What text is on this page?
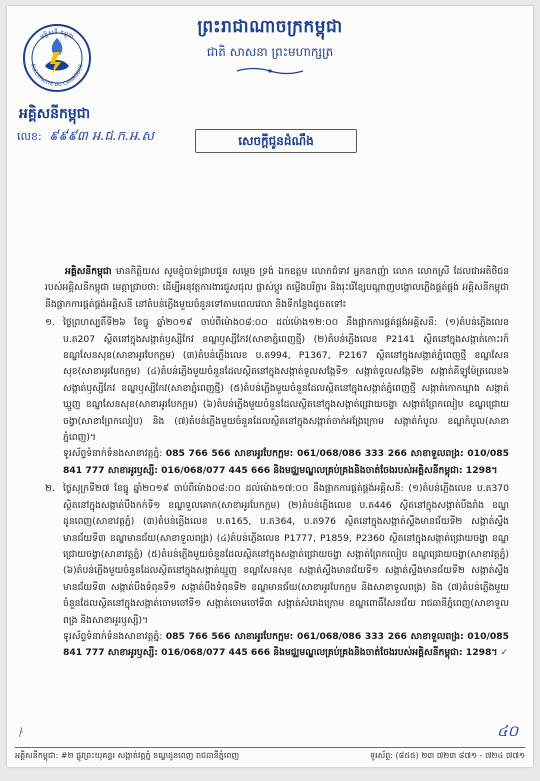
ព្រះរាជាណាចក្រកម្ពុជា
ជាតិ សាសនា ព្រះមហាក្សត្រ
អគ្គិសនី កម្ពុជា
ELECTRICITE DU CAMBODGE
អគ្គិសនីកម្ពុជា
លេខ: ៩៩៩៣ អ.ជ.ក.អ.ស	សេចក្ដីជូនដំណឹង

អគ្គិសនីកម្ពុជា មានកិត្តិយស សូមខ្ញុំបាទ់ជ្រាបជូន សម្ដេច ទ្រង់ ឯកឧត្ដម លោកជំទាវ អ្នកឧកញ៉ា លោក លោកស្រី ដែលជាអតិថិជនរបស់អគ្គិសនីកម្ពុជា មេត្តាជ្រាបថា: ដើម្បីអនុវត្តការងារជួសជុល ផ្លាស់ប្ដូរ តម្លើងបរិក្ខារ និងរុះរើខ្សែបណ្ដាញបង្គោលភ្លើងផ្គត់ផ្គង់ អគ្គិសនីកម្ពុជានឹងផ្អាកការផ្គត់ផ្គង់អគ្គិសនី នៅតំបន់ភ្លើងមួយចំនួនទៅតាមពេលវេលា និងទីកន្លែងដូចតទៅ៖

១. ថ្ងៃព្រហស្បតិ៍ទី២៦ ខែធ្នូ ឆ្នាំ២០១៩ ចាប់ពីម៉ោង០៨:០០ ដល់ម៉ោង១២:០០ នឹងផ្អាកការផ្គត់ផ្គង់អគ្គិសនី: (១)តំបន់ភ្លើងលេខ ប.ត207 ស្ថិតនៅក្នុងសង្កាត់ឫស្សីកែវ ខណ្ឌឫស្សីកែវ(សាខាភ្នំពេញថ្មី) (២)តំបន់ភ្លើងលេខ P2141 ស្ថិតនៅក្នុងសង្កាត់កោះរក៍ ខណ្ឌសែនសុខ(សាខាអូរបែកក្អម) (៣)តំបន់ភ្លើងលេខ ប.ត994, P1367, P2167 ស្ថិតនៅក្នុងសង្កាត់ភ្នំពេញថ្មី ខណ្ឌសែនសុខ(សាខាអូរបែកក្អម) (៤)តំបន់ភ្លើងមួយចំនួនដែលស្ថិតនៅក្នុងសង្កាត់ទួលសង្កែទី១ សង្កាត់ទួលសង្កែទី២ សង្កាត់គីឡូម៉ែត្រលេខ៦ សង្កាត់ឫស្សីកែវ ខណ្ឌឫស្សីកែវ(សាខាភ្នំពេញថ្មី) (៥)តំបន់ភ្លើងមួយចំនួនដែលស្ថិតនៅក្នុងសង្កាត់ភ្នំពេញថ្មី សង្កាត់កោកឃ្លាង សង្កាត់ឃ្មួញ ខណ្ឌសែនសុខ(សាខាអូរបែកក្អម) (៦)តំបន់ភ្លើងមួយចំនួនដែលស្ថិតនៅក្នុងសង្កាត់ជ្រោយចង្វា សង្កាត់ព្រែកលៀប ខណ្ឌជ្រោយចង្វា(សាខាព្រែកលៀប) និង (៧)តំបន់ភ្លើងមួយចំនួនដែលស្ថិតនៅក្នុងសង្កាត់ចាក់អង្រែក្រោម សង្កាត់កំបូល ខណ្ឌកំបូល(សាខាភ្នំពេញ)។

ទូរស័ព្ទទំនាក់ទំនងសាខាវត្តភ្នំ: 085 766 566 សាខាអូរបែកក្អម: 061/068/086 333 266 សាខាទួលពង្រ: 010/085 841 777 សាខាអូរឫស្សី: 016/068/077 445 666 និងមជ្ឈមណ្ឌលគ្រប់គ្រងនិងចាត់ចែងរបស់អគ្គិសនីកម្ពុជា: 1298។

២. ថ្ងៃសុក្រទី២៧ ខែធ្នូ ឆ្នាំ២០១៩ ចាប់ពីម៉ោង០៨:០០ ដល់ម៉ោង១៧:០០ នឹងផ្អាកការផ្គត់ផ្គង់អគ្គិសនី: (១)តំបន់ភ្លើងលេខ ប.ត370 ស្ថិតនៅក្នុងសង្កាត់បឹងកក់ទី១ ខណ្ឌទួលគោក(សាខាអូរបែកក្អម) (២)តំបន់ភ្លើងលេខ ប.ត446 ស្ថិតនៅក្នុងសង្កាត់បឹងរាំង ខណ្ឌដូនពេញ(សាខាវត្តភ្នំ) (៣)តំបន់ភ្លើងលេខ ប.ត165, ប.ត364, ប.ត976 ស្ថិតនៅក្នុងសង្កាត់ស្ទឹងមានជ័យទី២ សង្កាត់ស្ទឹងមានជ័យទី៣ ខណ្ឌមានជ័យ(សាខាទួលពង្រ) (៤)តំបន់ភ្លើងលេខ P1777, P1859, P2360 ស្ថិតនៅក្នុងសង្កាត់ជ្រោយចង្វា ខណ្ឌជ្រោយចង្វា(សាខាវត្តភ្នំ) (៥)តំបន់ភ្លើងមួយចំនួនដែលស្ថិតនៅក្នុងសង្កាត់ជ្រោយចង្វា សង្កាត់ព្រែកលៀប ខណ្ឌជ្រោយចង្វា(សាខាវត្តភ្នំ) (៦)តំបន់ភ្លើងមួយចំនួនដែលស្ថិតនៅក្នុងសង្កាត់ឃ្មួញ ខណ្ឌសែនសុខ សង្កាត់ស្ទឹងមានជ័យទី១ សង្កាត់ស្ទឹងមានជ័យទី២ សង្កាត់ស្ទឹងមានជ័យទី៣ សង្កាត់បឹងទំពុនទី១ សង្កាត់បឹងទំពុនទី២ ខណ្ឌមានជ័យ(សាខាអូរបែកក្អម និងសាខាទួលពង្រ) និង (៧)តំបន់ភ្លើងមួយចំនួនដែលស្ថិតនៅក្នុងសង្កាត់ចោមចៅទី១ សង្កាត់ចោមចៅទី៣ សង្កាត់សំរោងក្រោម ខណ្ឌពោធិ៍សែនជ័យ រាជធានីភ្នំពេញ(សាខាទួលពង្រ និងសាខាអូរឫស្សី)។

ទូរស័ព្ទទំនាក់ទំនងសាខាវត្តភ្នំ: 085 766 566 សាខាអូរបែកក្អម: 061/068/086 333 266 សាខាទួលពង្រ: 010/085 841 777 សាខាអូរឫស្សី: 016/068/077 445 666 និងមជ្ឈមណ្ឌលគ្រប់គ្រងនិងចាត់ចែងរបស់អគ្គិសនីកម្ពុជា: 1298។ ✓

ㅏ	៤០
អគ្គិសនីកម្ពុជា: #២ ផ្លូវព្រះយុគន្ធរ សង្កាត់វត្តភ្នំ ខណ្ឌដូនពេញ រាជធានីភ្នំពេញ	ទូរស័ព្ទ: (៨៥៥) ២៣ ៧២៣ ៨៧១ - ៧២៤ ៧៧១
